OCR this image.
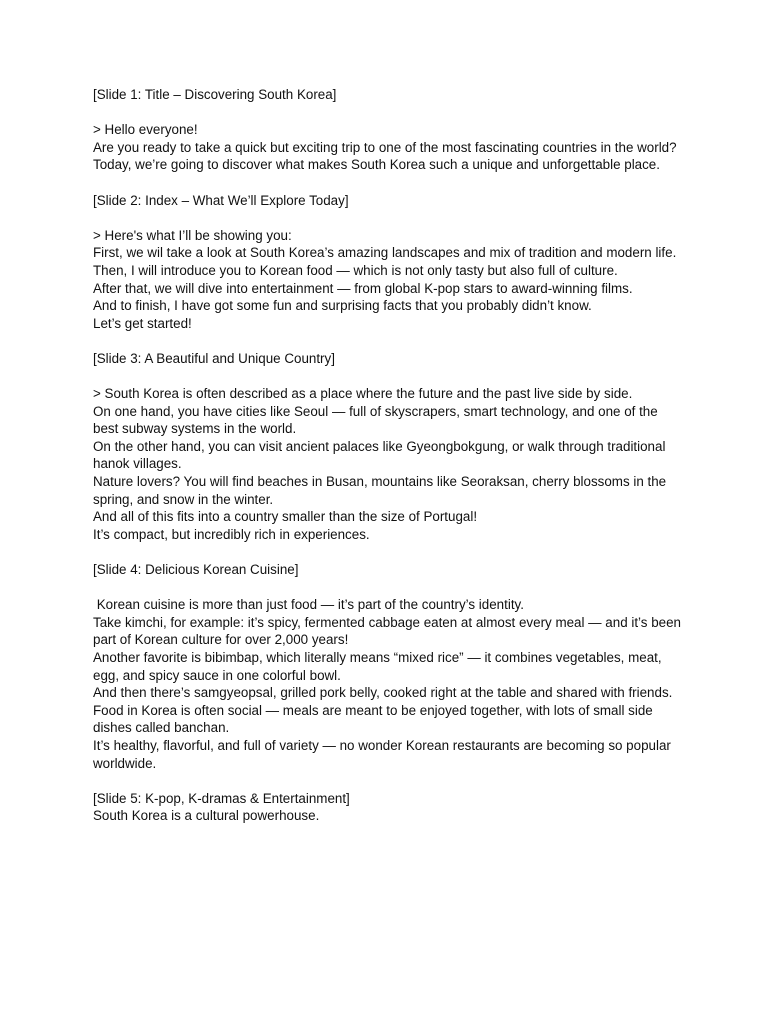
[Slide 1: Title – Discovering South Korea]

> Hello everyone!
Are you ready to take a quick but exciting trip to one of the most fascinating countries in the world?
Today, we’re going to discover what makes South Korea such a unique and unforgettable place.

[Slide 2: Index – What We’ll Explore Today]

> Here's what I’ll be showing you:
First, we wil take a look at South Korea’s amazing landscapes and mix of tradition and modern life.
Then, I will introduce you to Korean food — which is not only tasty but also full of culture.
After that, we will dive into entertainment — from global K-pop stars to award-winning films.
And to finish, I have got some fun and surprising facts that you probably didn’t know.
Let’s get started!

[Slide 3: A Beautiful and Unique Country]

> South Korea is often described as a place where the future and the past live side by side.
On one hand, you have cities like Seoul — full of skyscrapers, smart technology, and one of the best subway systems in the world.
On the other hand, you can visit ancient palaces like Gyeongbokgung, or walk through traditional hanok villages.
Nature lovers? You will find beaches in Busan, mountains like Seoraksan, cherry blossoms in the spring, and snow in the winter.
And all of this fits into a country smaller than the size of Portugal!
It’s compact, but incredibly rich in experiences.

[Slide 4: Delicious Korean Cuisine]

Korean cuisine is more than just food — it’s part of the country’s identity.
Take kimchi, for example: it’s spicy, fermented cabbage eaten at almost every meal — and it’s been part of Korean culture for over 2,000 years!
Another favorite is bibimbap, which literally means “mixed rice” — it combines vegetables, meat, egg, and spicy sauce in one colorful bowl.
And then there’s samgyeopsal, grilled pork belly, cooked right at the table and shared with friends.
Food in Korea is often social — meals are meant to be enjoyed together, with lots of small side dishes called banchan.
It’s healthy, flavorful, and full of variety — no wonder Korean restaurants are becoming so popular worldwide.
[Slide 5: K-pop, K-dramas & Entertainment]
South Korea is a cultural powerhouse.
